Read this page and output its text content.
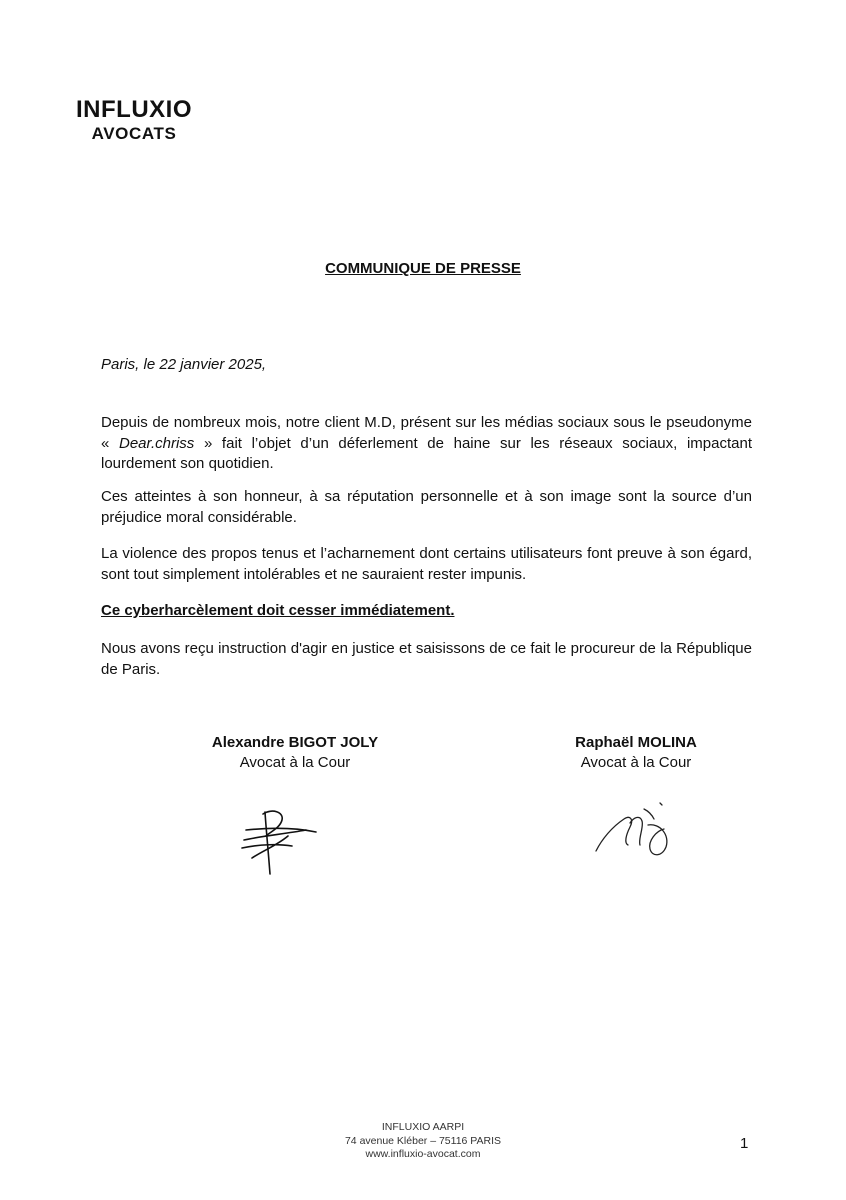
INFLUXIO
AVOCATS
COMMUNIQUE DE PRESSE
Paris, le 22 janvier 2025,

Depuis de nombreux mois, notre client M.D, présent sur les médias sociaux sous le pseudonyme « Dear.chriss » fait l’objet d’un déferlement de haine sur les réseaux sociaux, impactant lourdement son quotidien.

Ces atteintes à son honneur, à sa réputation personnelle et à son image sont la source d’un préjudice moral considérable.

La violence des propos tenus et l’acharnement dont certains utilisateurs font preuve à son égard, sont tout simplement intolérables et ne sauraient rester impunis.

Ce cyberharcèlement doit cesser immédiatement.

Nous avons reçu instruction d'agir en justice et saisissons de ce fait le procureur de la République de Paris.

Alexandre BIGOT JOLY
Avocat à la Cour
Raphaël MOLINA
Avocat à la Cour
INFLUXIO AARPI
74 avenue Kléber – 75116 PARIS
www.influxio-avocat.com
1
